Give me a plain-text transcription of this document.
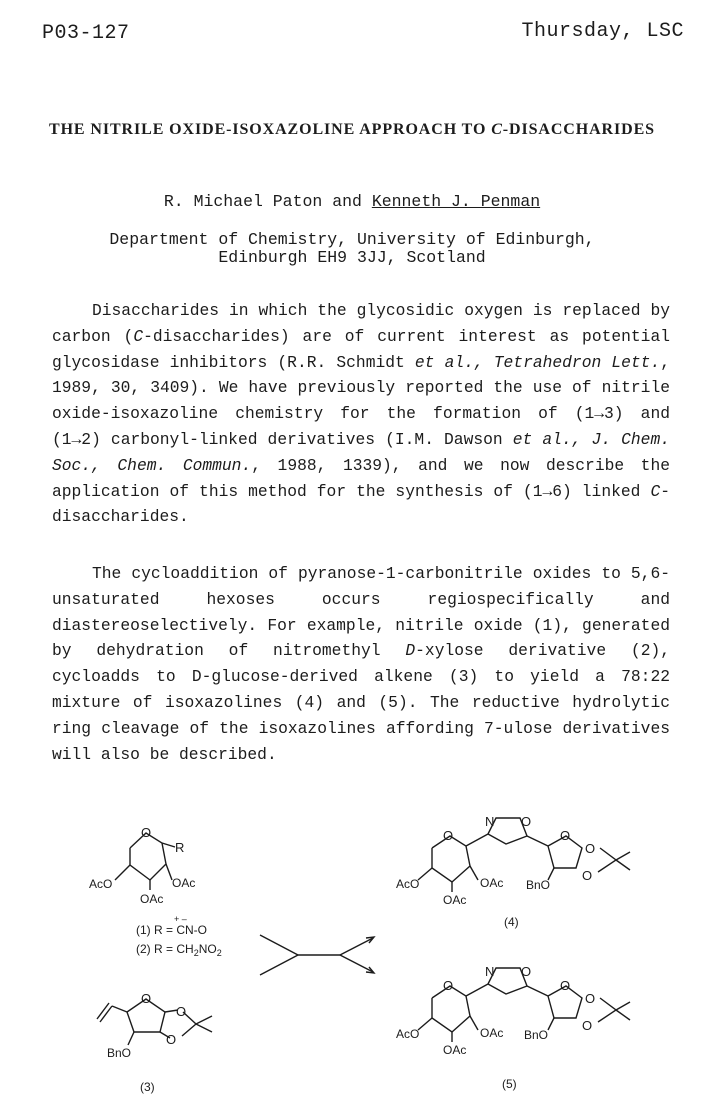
P03-127	Thursday, LSC
THE NITRILE OXIDE-ISOXAZOLINE APPROACH TO C-DISACCHARIDES
R. Michael Paton and Kenneth J. Penman
Department of Chemistry, University of Edinburgh,
Edinburgh EH9 3JJ, Scotland
Disaccharides in which the glycosidic oxygen is replaced by carbon (C-disaccharides) are of current interest as potential glycosidase inhibitors (R.R. Schmidt et al., Tetrahedron Lett., 1989, 30, 3409). We have previously reported the use of nitrile oxide-isoxazoline chemistry for the formation of (1→3) and (1→2) carbonyl-linked derivatives (I.M. Dawson et al., J. Chem. Soc., Chem. Commun., 1988, 1339), and we now describe the application of this method for the synthesis of (1→6) linked C-disaccharides.
The cycloaddition of pyranose-1-carbonitrile oxides to 5,6-unsaturated hexoses occurs regiospecifically and diastereoselectively. For example, nitrile oxide (1), generated by dehydration of nitromethyl D-xylose derivative (2), cycloadds to D-glucose-derived alkene (3) to yield a 78:22 mixture of isoxazolines (4) and (5). The reductive hydrolytic ring cleavage of the isoxazolines affording 7-ulose derivatives will also be described.
O
R
AcO	OAc
OAc
+ –
(1) R = CN-O
(2) $R = CH_2NO_2$
O
O
O
BnO
(3)
O
N O
O
O
O
AcO	OAc
OAc
BnO
(4)
O
N O
O
O
O
AcO	OAc
OAc
BnO
(5)
